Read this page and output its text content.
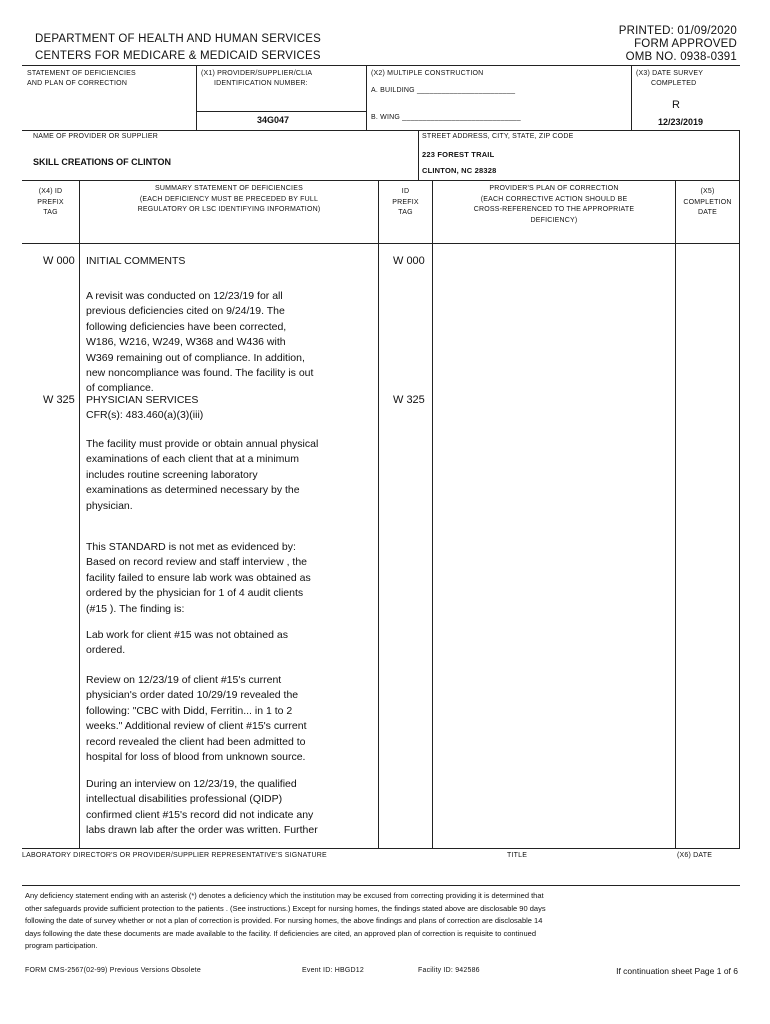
DEPARTMENT OF HEALTH AND HUMAN SERVICES
CENTERS FOR MEDICARE & MEDICAID SERVICES
PRINTED: 01/09/2020
FORM APPROVED
OMB NO. 0938-0391
STATEMENT OF DEFICIENCIES
AND PLAN OF CORRECTION
(X1) PROVIDER/SUPPLIER/CLIA
IDENTIFICATION NUMBER:
34G047
(X2) MULTIPLE CONSTRUCTION
A. BUILDING ________________________
B. WING _____________________________
(X3) DATE SURVEY
COMPLETED
R
12/23/2019
NAME OF PROVIDER OR SUPPLIER
SKILL CREATIONS OF CLINTON
STREET ADDRESS, CITY, STATE, ZIP CODE
223 FOREST TRAIL
CLINTON, NC 28328
(X4) ID
PREFIX
TAG
SUMMARY STATEMENT OF DEFICIENCIES
(EACH DEFICIENCY MUST BE PRECEDED BY FULL
REGULATORY OR LSC IDENTIFYING INFORMATION)
ID
PREFIX
TAG
PROVIDER'S PLAN OF CORRECTION
(EACH CORRECTIVE ACTION SHOULD BE
CROSS-REFERENCED TO THE APPROPRIATE
DEFICIENCY)
(X5)
COMPLETION
DATE
W 000	W 000
INITIAL COMMENTS
A revisit was conducted on 12/23/19 for all
previous deficiencies cited on 9/24/19. The
following deficiencies have been corrected,
W186, W216, W249, W368 and W436 with
W369 remaining out of compliance. In addition,
new noncompliance was found. The facility is out
of compliance.
W 325	W 325
PHYSICIAN SERVICES
CFR(s): 483.460(a)(3)(iii)
The facility must provide or obtain annual physical
examinations of each client that at a minimum
includes routine screening laboratory
examinations as determined necessary by the
physician.
This STANDARD is not met as evidenced by:
Based on record review and staff interview , the
facility failed to ensure lab work was obtained as
ordered by the physician for 1 of 4 audit clients
(#15 ). The finding is:
Lab work for client #15 was not obtained as
ordered.
Review on 12/23/19 of client #15's current
physician's order dated 10/29/19 revealed the
following: "CBC with Didd, Ferritin... in 1 to 2
weeks." Additional review of client #15's current
record revealed the client had been admitted to
hospital for loss of blood from unknown source.
During an interview on 12/23/19, the qualified
intellectual disabilities professional (QIDP)
confirmed client #15's record did not indicate any
labs drawn lab after the order was written. Further
LABORATORY DIRECTOR'S OR PROVIDER/SUPPLIER REPRESENTATIVE'S SIGNATURE	TITLE	(X6) DATE
Any deficiency statement ending with an asterisk (*) denotes a deficiency which the institution may be excused from correcting providing it is determined that
other safeguards provide sufficient protection to the patients . (See instructions.) Except for nursing homes, the findings stated above are disclosable 90 days
following the date of survey whether or not a plan of correction is provided. For nursing homes, the above findings and plans of correction are disclosable 14
days following the date these documents are made available to the facility. If deficiencies are cited, an approved plan of correction is requisite to continued
program participation.
FORM CMS-2567(02-99) Previous Versions Obsolete	Event ID: HBGD12	Facility ID: 942586	If continuation sheet Page 1 of 6
